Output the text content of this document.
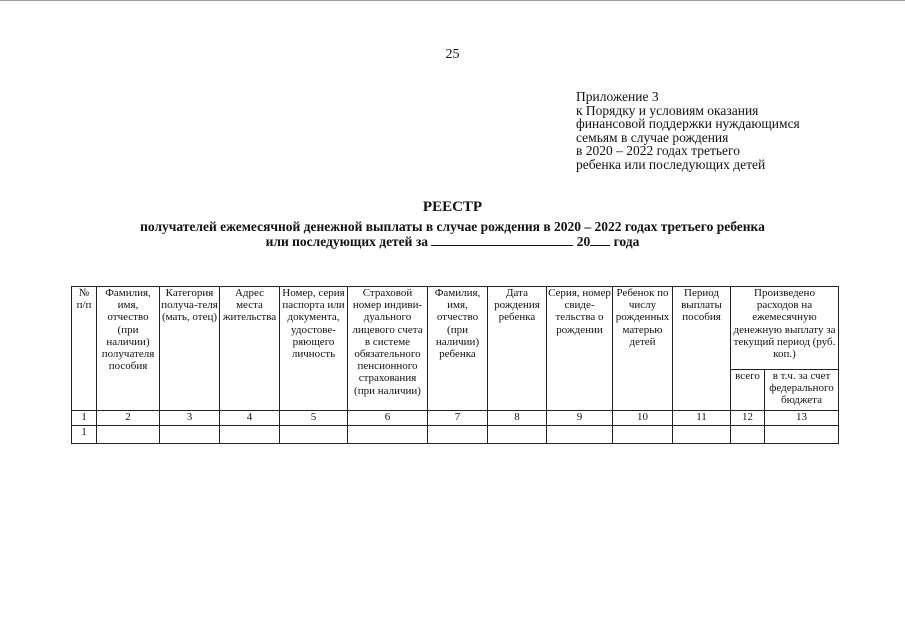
25
Приложение 3
к Порядку и условиям оказания
финансовой поддержки нуждающимся
семьям в случае рождения
в 2020 – 2022 годах третьего
ребенка или последующих детей
РЕЕСТР
получателей ежемесячной денежной выплаты в случае рождения в 2020 – 2022 годах третьего ребенка
или последующих детей за	20 года
№ п/п	Фамилия, имя, отчество (при наличии) получателя пособия	Категория получа-теля (мать, отец)	Адрес места жительства	Номер, серия паспорта или документа, удостове-ряющего личность	Страховой номер индиви-дуального лицевого счета в системе обязательного пенсионного страхования (при наличии)	Фамилия, имя, отчество (при наличии) ребенка	Дата рождения ребенка	Серия, номер свиде-тельства о рождении	Ребенок по числу рожденных матерью детей	Период выплаты пособия	Произведено расходов на ежемесячную денежную выплату за текущий период (руб. коп.)	
											всего	в т.ч. за счет федерального бюджета
1	2	3	4	5	6	7	8	9	10	11	12	13
1												
